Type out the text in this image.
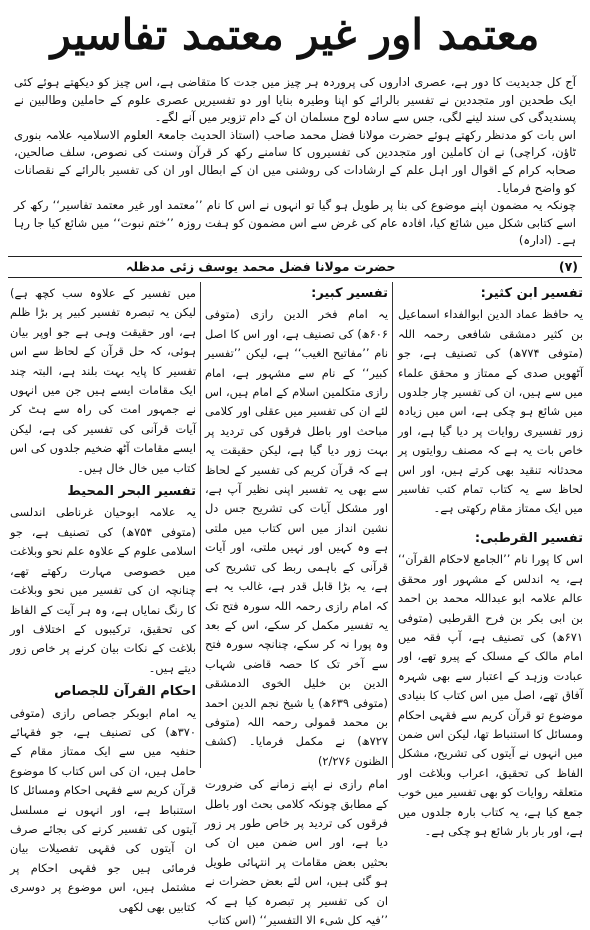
معتمد اور غیر معتمد تفاسیر

آج کل جدیدیت کا دور ہے، عصری اداروں کی پروردہ ہر چیز میں جدت کا متقاضی ہے، اس چیز کو دیکھتے ہوئے کئی ایک طحدین اور متجددین نے تفسیر بالرائے کو اپنا وطیرہ بنایا اور دو تفسیریں عصری علوم کے حاملین وطالبین نے پسندیدگی کی سند لینے لگی، جس سے سادہ لوح مسلمان ان کے دام تزویر میں آنے لگے۔

اس بات کو مدنظر رکھتے ہوئے حضرت مولانا فضل محمد صاحب (استاذ الحدیث جامعۃ العلوم الاسلامیہ علامہ بنوری ٹاؤن، کراچی) نے ان کاملین اور متجددین کی تفسیروں کا سامنے رکھ کر قرآن وسنت کی نصوص، سلف صالحین، صحابہ کرام کے اقوال اور اہل علم کے ارشادات کی روشنی میں ان کے ابطال اور ان کی تفسیر بالرائے کے نقصانات کو واضح فرمایا۔

چونکہ یہ مضمون اپنے موضوع کی بنا پر طویل ہو گیا تو انہوں نے اس کا نام ’’معتمد اور غیر معتمد تفاسیر‘‘ رکھ کر اسے کتابی شکل میں شائع کیا، افادہ عام کی غرض سے اس مضمون کو ہفت روزہ ’’ختم نبوت‘‘ میں شائع کیا جا رہا ہے۔ (ادارہ)

(۷)
حضرت مولانا فضل محمد یوسف زئی مدظلہ
تفسیر ابن کثیر:

یہ حافظ عماد الدین ابوالفداء اسماعیل بن کثیر دمشقی شافعی رحمہ اللہ (متوفی ۷۷۴ھ) کی تصنیف ہے، جو آٹھویں صدی کے ممتاز و محقق علماء میں سے ہیں، ان کی تفسیر چار جلدوں میں شائع ہو چکی ہے، اس میں زیادہ زور تفسیری روایات پر دیا گیا ہے، اور خاص بات یہ ہے کہ مصنف روایتوں پر محدثانہ تنقید بھی کرتے ہیں، اور اس لحاظ سے یہ کتاب تمام کتب تفاسیر میں ایک ممتاز مقام رکھتی ہے۔

تفسیر القرطبی:

اس کا پورا نام ’’الجامع لاحکام القرآن‘‘ ہے، یہ اندلس کے مشہور اور محقق عالم علامہ ابو عبداللہ محمد بن احمد بن ابی بکر بن فرح القرطبی (متوفی ۶۷۱ھ) کی تصنیف ہے، آپ فقہ میں امام مالک کے مسلک کے پیرو تھے، اور عبادت وزہد کے اعتبار سے بھی شہرہ آفاق تھے، اصل میں اس کتاب کا بنیادی موضوع تو قرآن کریم سے فقہی احکام ومسائل کا استنباط تھا، لیکن اس ضمن میں انہوں نے آیتوں کی تشریح، مشکل الفاظ کی تحقیق، اعراب وبلاغت اور متعلقہ روایات کو بھی تفسیر میں خوب جمع کیا ہے، یہ کتاب بارہ جلدوں میں ہے، اور بار بار شائع ہو چکی ہے۔

تفسیر کبیر:

یہ امام فخر الدین رازی (متوفی ۶۰۶ھ) کی تصنیف ہے، اور اس کا اصل نام ’’مفاتیح الغیب‘‘ ہے، لیکن ’’تفسیر کبیر‘‘ کے نام سے مشہور ہے، امام رازی متکلمین اسلام کے امام ہیں، اس لئے ان کی تفسیر میں عقلی اور کلامی مباحث اور باطل فرقوں کی تردید پر بہت زور دیا گیا ہے، لیکن حقیقت یہ ہے کہ قرآن کریم کی تفسیر کے لحاظ سے بھی یہ تفسیر اپنی نظیر آپ ہے، اور مشکل آیات کی تشریح جس دل نشین انداز میں اس کتاب میں ملتی ہے وہ کہیں اور نہیں ملتی، اور آیات قرآنی کے باہمی ربط کی تشریح کی ہے، یہ بڑا قابل قدر ہے، غالب یہ ہے کہ امام رازی رحمہ اللہ سورہ فتح تک یہ تفسیر مکمل کر سکے، اس کے بعد وہ پورا نہ کر سکے، چنانچہ سورہ فتح سے آخر تک کا حصہ قاضی شہاب الدین بن خلیل الخوی الدمشقی (متوفی ۶۳۹ھ) یا شیخ نجم الدین احمد بن محمد قمولی رحمہ اللہ (متوفی ۷۲۷ھ) نے مکمل فرمایا۔ (کشف الظنون ۲/۲۷۶)

امام رازی نے اپنے زمانے کی ضرورت کے مطابق چونکہ کلامی بحث اور باطل فرقوں کی تردید پر خاص طور پر زور دیا ہے، اور اس ضمن میں ان کی بحثیں بعض مقامات پر انتہائی طویل ہو گئی ہیں، اس لئے بعض حضرات نے ان کی تفسیر پر تبصرہ کیا ہے کہ ’’فیہ کل شیء الا التفسیر‘‘ (اس کتاب

میں تفسیر کے علاوہ سب کچھ ہے) لیکن یہ تبصرہ تفسیر کبیر پر بڑا ظلم ہے، اور حقیقت وہی ہے جو اوپر بیان ہوئی، کہ حل قرآن کے لحاظ سے اس تفسیر کا پایہ بہت بلند ہے، البتہ چند ایک مقامات ایسے ہیں جن میں انہوں نے جمہور امت کی راہ سے ہٹ کر آیات قرآنی کی تفسیر کی ہے، لیکن ایسے مقامات آٹھ ضخیم جلدوں کی اس کتاب میں خال خال ہیں۔

تفسیر البحر المحیط

یہ علامہ ابوحیان غرناطی اندلسی (متوفی ۷۵۴ھ) کی تصنیف ہے، جو اسلامی علوم کے علاوہ علم نحو وبلاغت میں خصوصی مہارت رکھتے تھے، چنانچہ ان کی تفسیر میں نحو وبلاغت کا رنگ نمایاں ہے، وہ ہر آیت کے الفاظ کی تحقیق، ترکیبوں کے اختلاف اور بلاغت کے نکات بیان کرنے پر خاص زور دیتے ہیں۔

احکام القرآن للجصاص

یہ امام ابوبکر جصاص رازی (متوفی ۳۷۰ھ) کی تصنیف ہے، جو فقہائے حنفیہ میں سے ایک ممتاز مقام کے حامل ہیں، ان کی اس کتاب کا موضوع قرآن کریم سے فقہی احکام ومسائل کا استنباط ہے، اور انہوں نے مسلسل آیتوں کی تفسیر کرنے کی بجائے صرف ان آیتوں کی فقہی تفصیلات بیان فرمائی ہیں جو فقہی احکام پر مشتمل ہیں، اس موضوع پر دوسری کتابیں بھی لکھی
